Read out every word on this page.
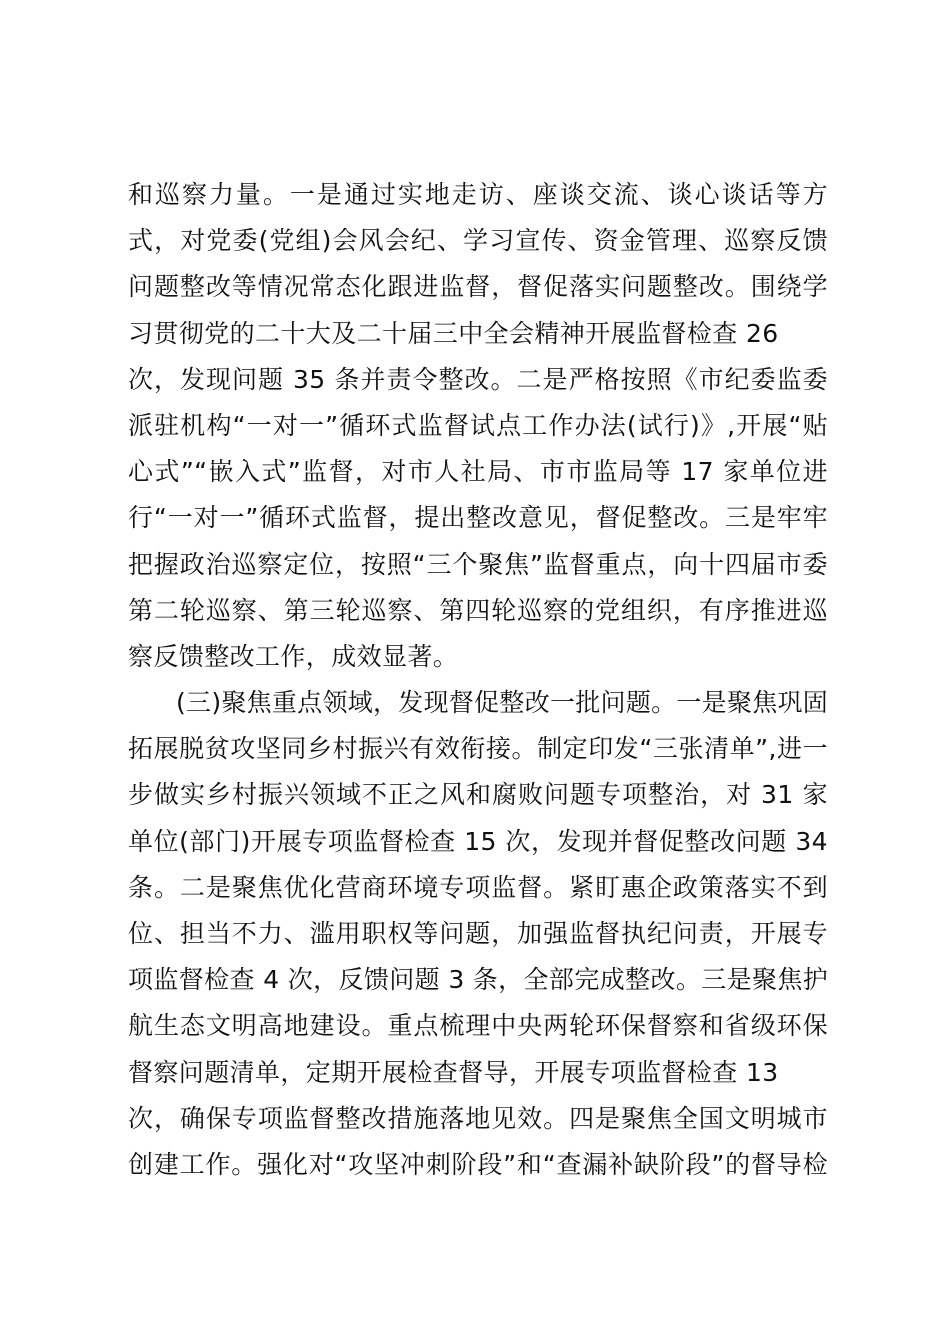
和巡察力量。一是通过实地走访、座谈交流、谈心谈话等方
式，对党委(党组)会风会纪、学习宣传、资金管理、巡察反馈
问题整改等情况常态化跟进监督，督促落实问题整改。围绕学
习贯彻党的二十大及二十届三中全会精神开展监督检查 26
次，发现问题 35 条并责令整改。二是严格按照《市纪委监委
派驻机构“一对一”循环式监督试点工作办法(试行)》,开展“贴
心式”“嵌入式”监督，对市人社局、市市监局等 17 家单位进
行“一对一”循环式监督，提出整改意见，督促整改。三是牢牢
把握政治巡察定位，按照“三个聚焦”监督重点，向十四届市委
第二轮巡察、第三轮巡察、第四轮巡察的党组织，有序推进巡
察反馈整改工作，成效显著。
(三)聚焦重点领域，发现督促整改一批问题。一是聚焦巩固
拓展脱贫攻坚同乡村振兴有效衔接。制定印发“三张清单”,进一
步做实乡村振兴领域不正之风和腐败问题专项整治，对 31 家
单位(部门)开展专项监督检查 15 次，发现并督促整改问题 34
条。二是聚焦优化营商环境专项监督。紧盯惠企政策落实不到
位、担当不力、滥用职权等问题，加强监督执纪问责，开展专
项监督检查 4 次，反馈问题 3 条，全部完成整改。三是聚焦护
航生态文明高地建设。重点梳理中央两轮环保督察和省级环保
督察问题清单，定期开展检查督导，开展专项监督检查 13
次，确保专项监督整改措施落地见效。四是聚焦全国文明城市
创建工作。强化对“攻坚冲刺阶段”和“查漏补缺阶段”的督导检
